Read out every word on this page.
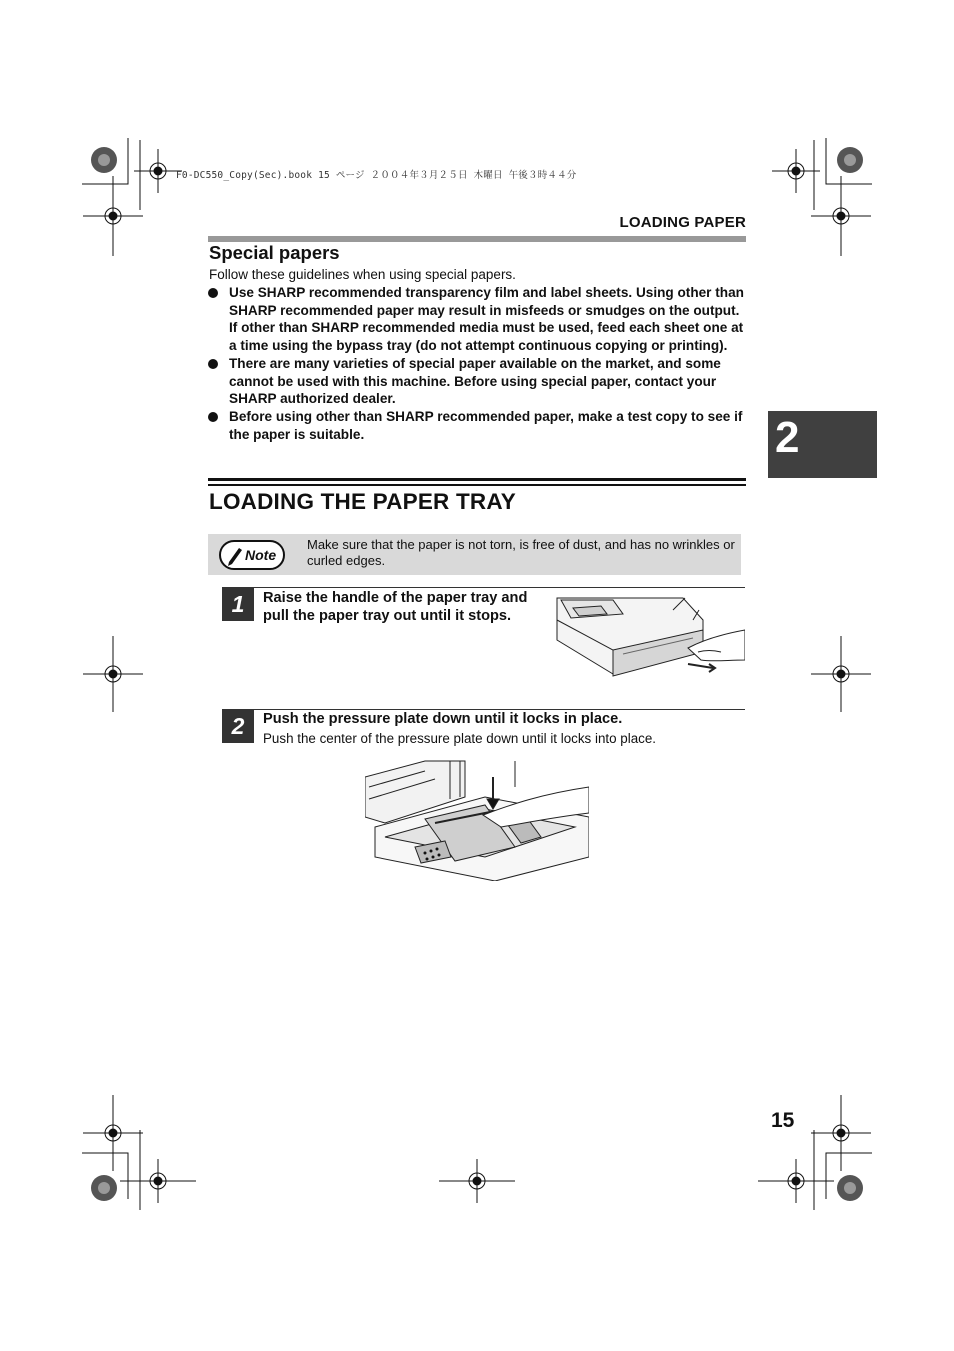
F0-DC550_Copy(Sec).book 15 ページ ２００４年３月２５日 木曜日 午後３時４４分
LOADING PAPER
Special papers
Follow these guidelines when using special papers.
Use SHARP recommended transparency film and label sheets. Using other than SHARP recommended paper may result in misfeeds or smudges on the output. If other than SHARP recommended media must be used, feed each sheet one at a time using the bypass tray (do not attempt continuous copying or printing).
There are many varieties of special paper available on the market, and some cannot be used with this machine. Before using special paper, contact your SHARP authorized dealer.
Before using other than SHARP recommended paper, make a test copy to see if the paper is suitable.
LOADING THE PAPER TRAY
Note
Make sure that the paper is not torn, is free of dust, and has no wrinkles or curled edges.
1	Raise the handle of the paper tray and pull the paper tray out until it stops.
2	Push the pressure plate down until it locks in place.
Push the center of the pressure plate down until it locks into place.
2
15
